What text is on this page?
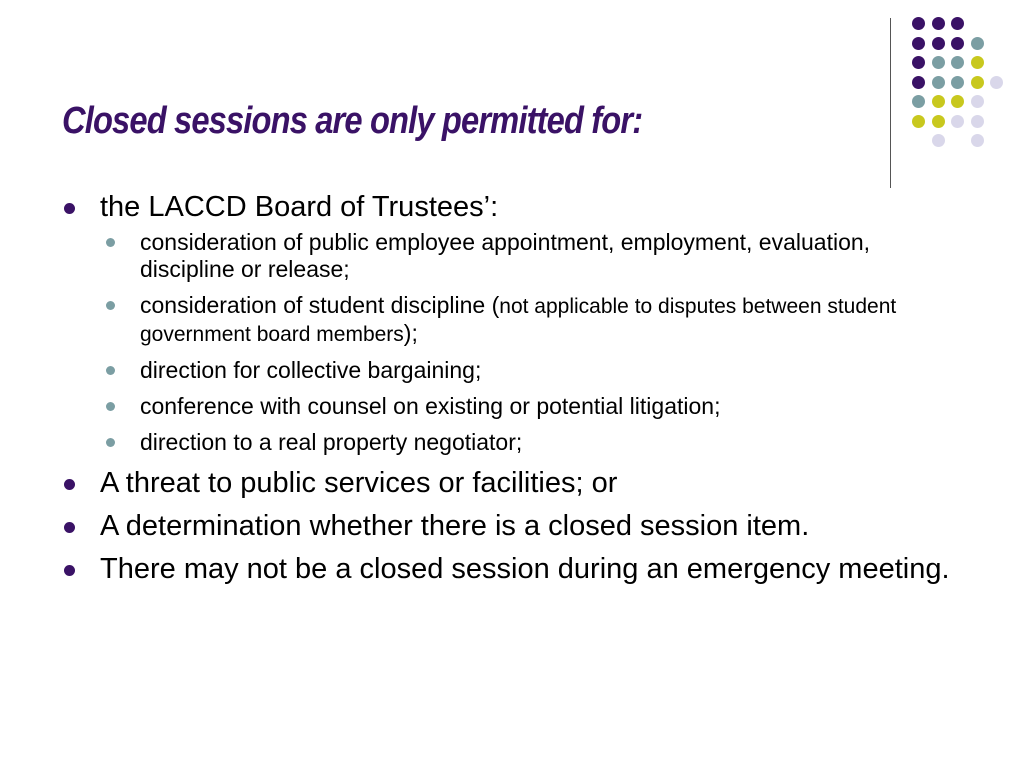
Closed sessions are only permitted for:
the LACCD Board of Trustees’:
consideration of public employee appointment, employment, evaluation, discipline or release;
consideration of student discipline (not applicable to disputes between student government board members);
direction for collective bargaining;
conference with counsel on existing or potential litigation;
direction to a real property negotiator;
A threat to public services or facilities; or
A determination whether there is a closed session item.
There may not be a closed session during an emergency meeting.
